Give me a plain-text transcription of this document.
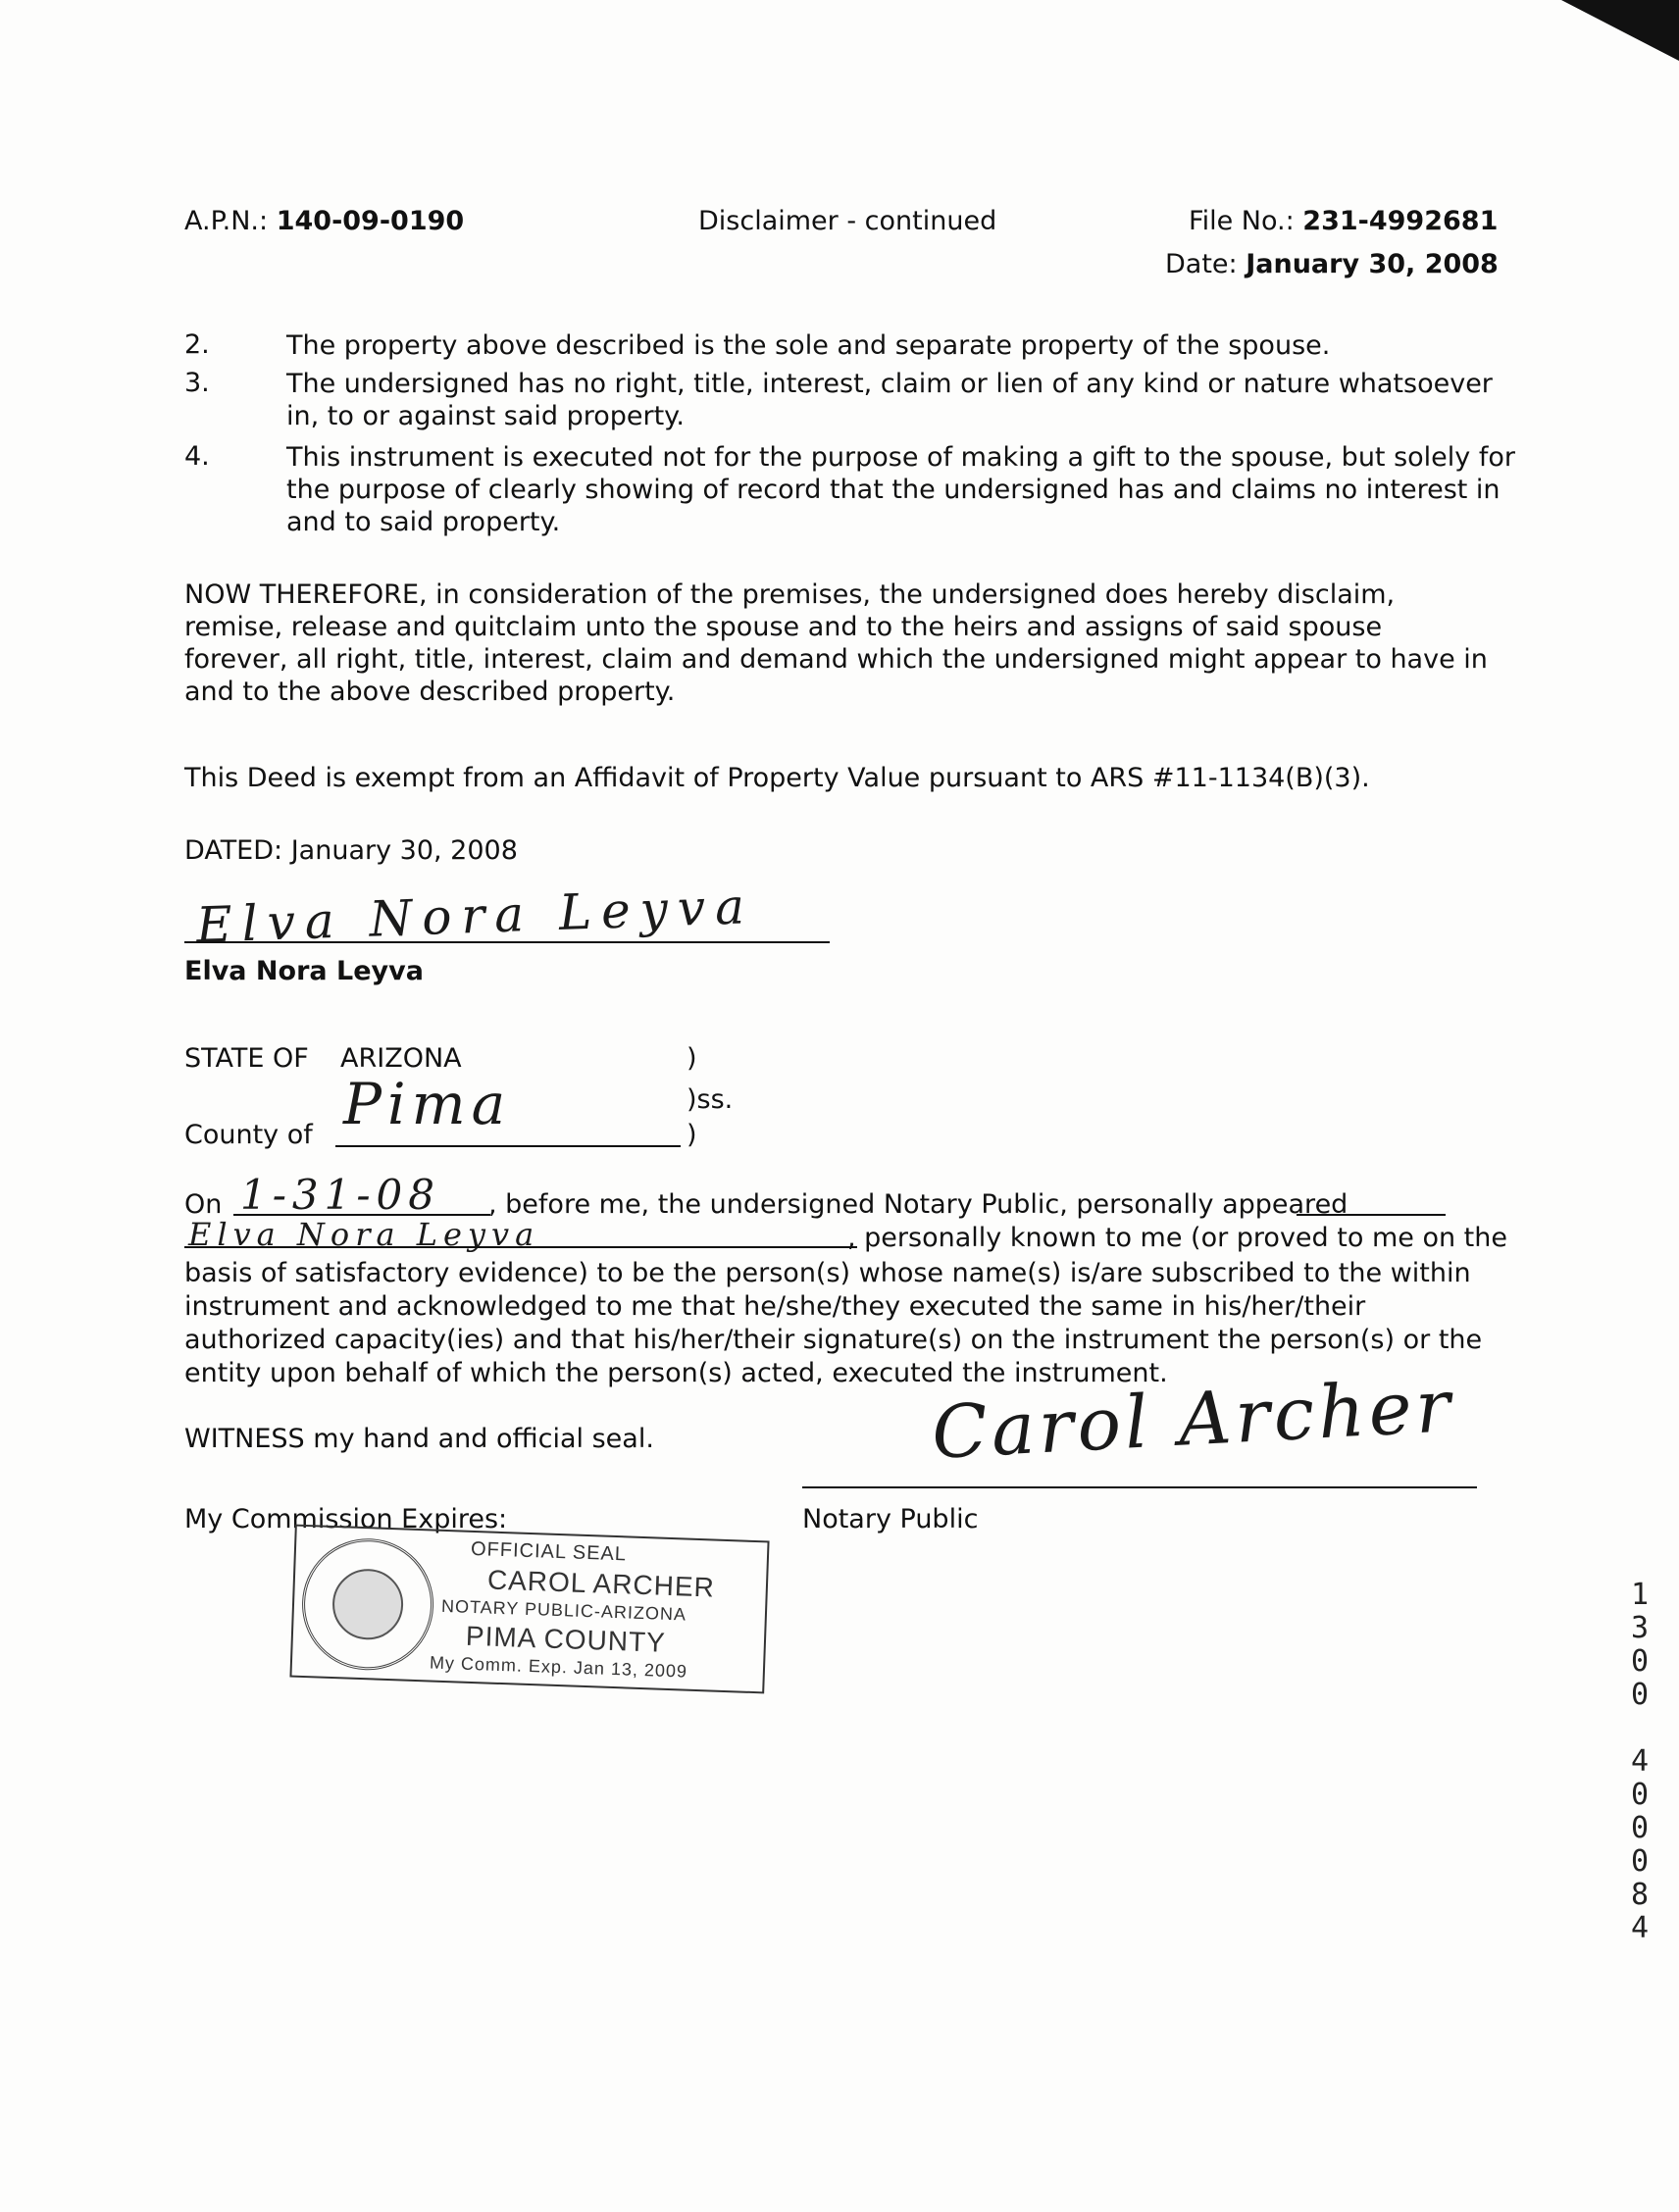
A.P.N.: 140-09-0190	Disclaimer - continued	File No.: 231-4992681
Date: January 30, 2008
2.	The property above described is the sole and separate property of the spouse.
3.	The undersigned has no right, title, interest, claim or lien of any kind or nature whatsoever in, to or against said property.
4.	This instrument is executed not for the purpose of making a gift to the spouse, but solely for the purpose of clearly showing of record that the undersigned has and claims no interest in and to said property.
NOW THEREFORE, in consideration of the premises, the undersigned does hereby disclaim, remise, release and quitclaim unto the spouse and to the heirs and assigns of said spouse forever, all right, title, interest, claim and demand which the undersigned might appear to have in and to the above described property.
This Deed is exempt from an Affidavit of Property Value pursuant to ARS #11-1134(B)(3).
DATED: January 30, 2008
Elva Nora Leyva
Elva Nora Leyva
STATE OF ARIZONA	)
)ss.
County of Pima	)
On 1-31-08 , before me, the undersigned Notary Public, personally appeared
Elva Nora Leyva	, personally known to me (or proved to me on the
basis of satisfactory evidence) to be the person(s) whose name(s) is/are subscribed to the within instrument and acknowledged to me that he/she/they executed the same in his/her/their authorized capacity(ies) and that his/her/their signature(s) on the instrument the person(s) or the entity upon behalf of which the person(s) acted, executed the instrument.
WITNESS my hand and official seal.	Carol Archer
Notary Public
My Commission Expires:
OFFICIAL SEAL
CAROL ARCHER
NOTARY PUBLIC-ARIZONA
PIMA COUNTY
My Comm. Exp. Jan 13, 2009
1
3
0
0

4
0
0
0
8
4
